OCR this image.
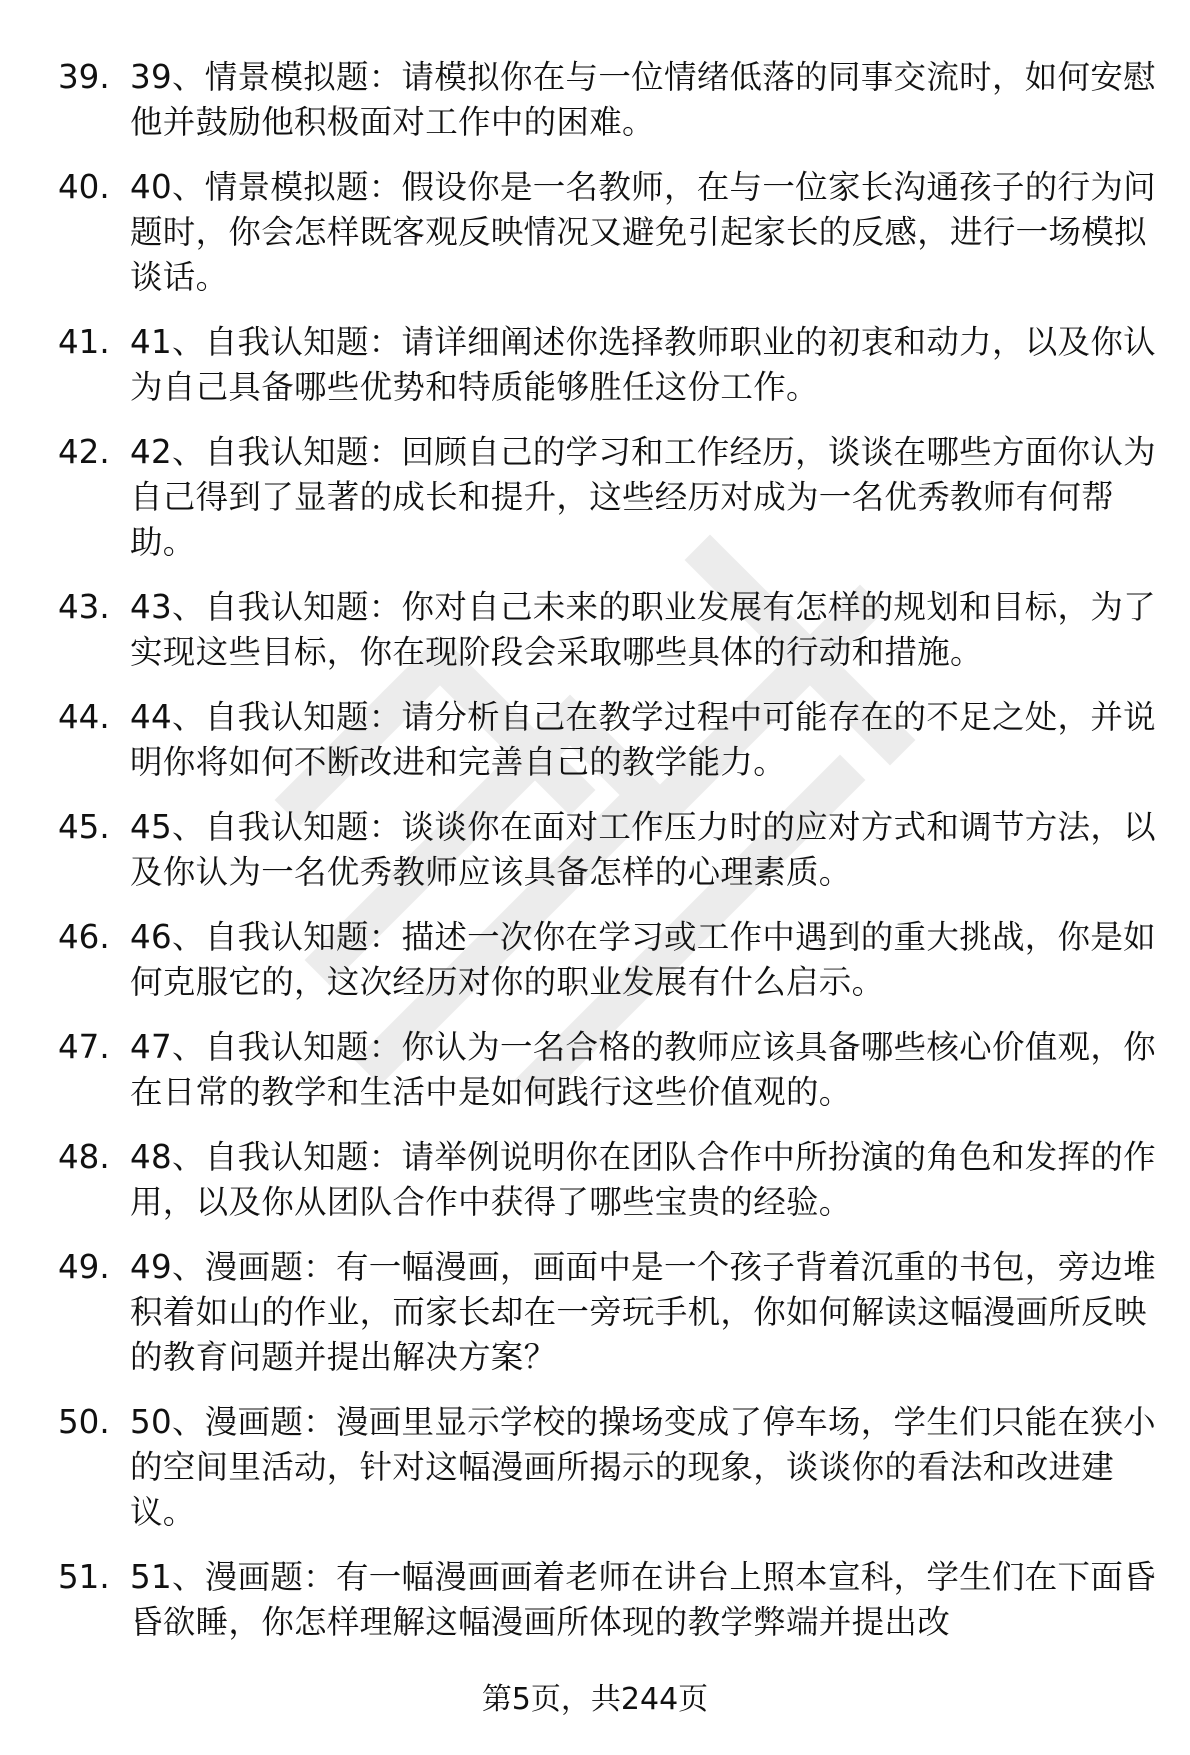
39. 39、情景模拟题：请模拟你在与一位情绪低落的同事交流时，如何安慰他并鼓励他积极面对工作中的困难。
40. 40、情景模拟题：假设你是一名教师，在与一位家长沟通孩子的行为问题时，你会怎样既客观反映情况又避免引起家长的反感，进行一场模拟谈话。
41. 41、自我认知题：请详细阐述你选择教师职业的初衷和动力，以及你认为自己具备哪些优势和特质能够胜任这份工作。
42. 42、自我认知题：回顾自己的学习和工作经历，谈谈在哪些方面你认为自己得到了显著的成长和提升，这些经历对成为一名优秀教师有何帮助。
43. 43、自我认知题：你对自己未来的职业发展有怎样的规划和目标，为了实现这些目标，你在现阶段会采取哪些具体的行动和措施。
44. 44、自我认知题：请分析自己在教学过程中可能存在的不足之处，并说明你将如何不断改进和完善自己的教学能力。
45. 45、自我认知题：谈谈你在面对工作压力时的应对方式和调节方法，以及你认为一名优秀教师应该具备怎样的心理素质。
46. 46、自我认知题：描述一次你在学习或工作中遇到的重大挑战，你是如何克服它的，这次经历对你的职业发展有什么启示。
47. 47、自我认知题：你认为一名合格的教师应该具备哪些核心价值观，你在日常的教学和生活中是如何践行这些价值观的。
48. 48、自我认知题：请举例说明你在团队合作中所扮演的角色和发挥的作用，以及你从团队合作中获得了哪些宝贵的经验。
49. 49、漫画题：有一幅漫画，画面中是一个孩子背着沉重的书包，旁边堆积着如山的作业，而家长却在一旁玩手机，你如何解读这幅漫画所反映的教育问题并提出解决方案？
50. 50、漫画题：漫画里显示学校的操场变成了停车场，学生们只能在狭小的空间里活动，针对这幅漫画所揭示的现象，谈谈你的看法和改进建议。
51. 51、漫画题：有一幅漫画画着老师在讲台上照本宣科，学生们在下面昏昏欲睡，你怎样理解这幅漫画所体现的教学弊端并提出改
第5页，共244页
